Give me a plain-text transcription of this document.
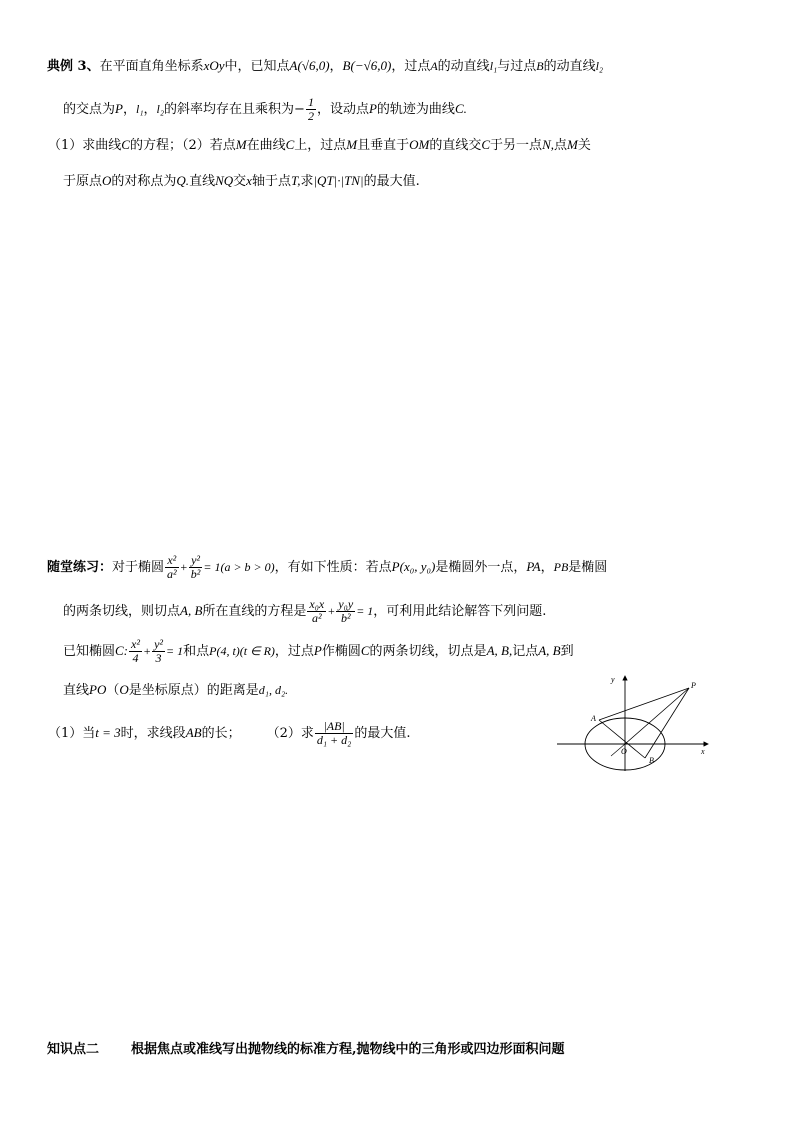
典例 3、在平面直角坐标系xOy中，已知点A(√6,0)，B(−√6,0)，过点A的动直线l₁与过点B的动直线l₂
的交点为P，l₁，l₂的斜率均存在且乘积为− $\frac{1}{2}$ ，设动点P的轨迹为曲线C.
（1）求曲线C的方程；（2）若点M在曲线C上，过点M且垂直于OM的直线交C于另一点N,点M关
于原点O的对称点为Q.直线NQ交x轴于点T,求|QT|·|TN|的最大值.
随堂练习：对于椭圆 $\frac{\text{x²}}{\text{a²}} + \frac{\text{y²}}{\text{b²}} = 1(a > b > 0)$，有如下性质：若点P(x₀, y₀)是椭圆外一点，PA，PB是椭圆
的两条切线，则切点A, B所在直线的方程是 $\frac{\text{x₀x}}{\text{a²}} + \frac{\text{y₀y}}{\text{b²}} = 1$，可利用此结论解答下列问题.
已知椭圆C: $\frac{\text{x²}}{4} + \frac{\text{y²}}{3} = 1$和点P(4, t)(t ∈ R)，过点P作椭圆C的两条切线，切点是A, B,记点A, B到
直线PO（O是坐标原点）的距离是d₁, d₂.
（1）当t = 3时，求线段AB的长； （2）求 $\frac{|AB|}{\text{d₁ + d₂}}$ 的最大值.
y
x
P
A
B
O
知识点二 根据焦点或准线写出抛物线的标准方程,抛物线中的三角形或四边形面积问题
